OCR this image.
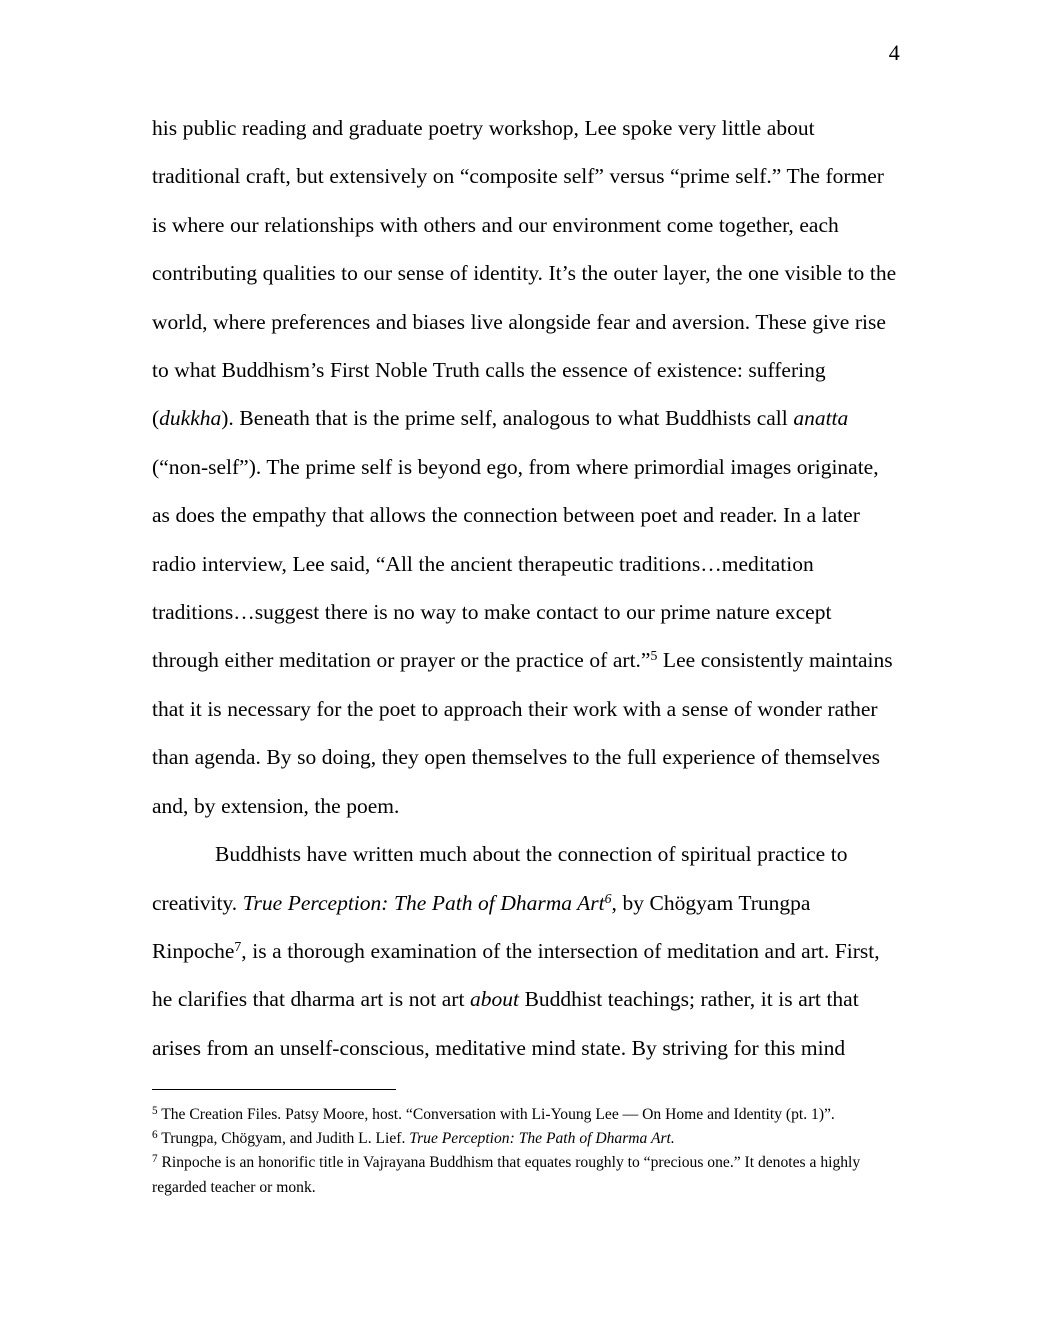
4

his public reading and graduate poetry workshop, Lee spoke very little about traditional craft, but extensively on “composite self” versus “prime self.” The former is where our relationships with others and our environment come together, each contributing qualities to our sense of identity. It’s the outer layer, the one visible to the world, where preferences and biases live alongside fear and aversion. These give rise to what Buddhism’s First Noble Truth calls the essence of existence: suffering (dukkha). Beneath that is the prime self, analogous to what Buddhists call anatta (“non-self”). The prime self is beyond ego, from where primordial images originate, as does the empathy that allows the connection between poet and reader. In a later radio interview, Lee said, “All the ancient therapeutic traditions…meditation traditions…suggest there is no way to make contact to our prime nature except through either meditation or prayer or the practice of art.”$^5$ Lee consistently maintains that it is necessary for the poet to approach their work with a sense of wonder rather than agenda. By so doing, they open themselves to the full experience of themselves and, by extension, the poem.

Buddhists have written much about the connection of spiritual practice to creativity. True Perception: The Path of Dharma Art$^6$, by Chögyam Trungpa Rinpoche$^7$, is a thorough examination of the intersection of meditation and art. First, he clarifies that dharma art is not art about Buddhist teachings; rather, it is art that arises from an unself-conscious, meditative mind state. By striving for this mind

$^5$ The Creation Files. Patsy Moore, host. “Conversation with Li-Young Lee — On Home and Identity (pt. 1)”.

$^6$ Trungpa, Chögyam, and Judith L. Lief. True Perception: The Path of Dharma Art.

$^7$ Rinpoche is an honorific title in Vajrayana Buddhism that equates roughly to “precious one.” It denotes a highly regarded teacher or monk.
